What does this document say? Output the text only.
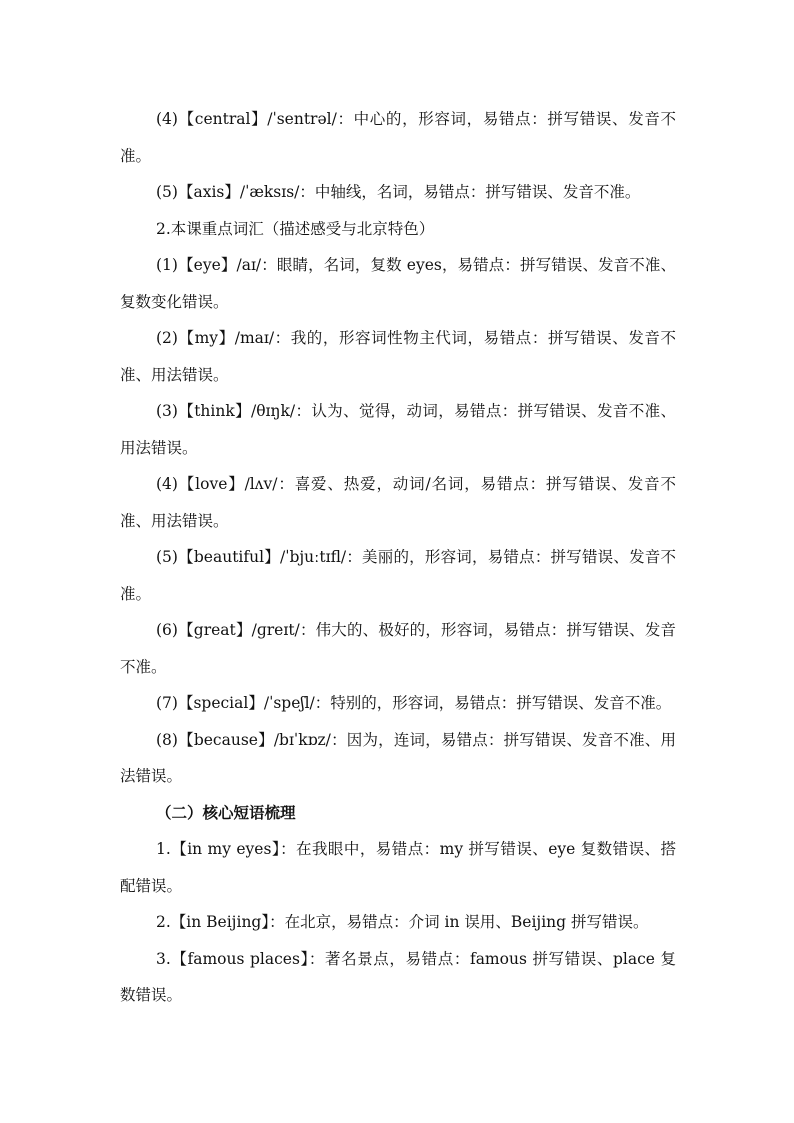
(4)【central】/ˈsentrəl/：中心的，形容词，易错点：拼写错误、发音不准。

(5)【axis】/ˈæksɪs/：中轴线，名词，易错点：拼写错误、发音不准。

2.本课重点词汇（描述感受与北京特色）

(1)【eye】/aɪ/：眼睛，名词，复数 eyes，易错点：拼写错误、发音不准、复数变化错误。

(2)【my】/maɪ/：我的，形容词性物主代词，易错点：拼写错误、发音不准、用法错误。

(3)【think】/θɪŋk/：认为、觉得，动词，易错点：拼写错误、发音不准、用法错误。

(4)【love】/lʌv/：喜爱、热爱，动词/名词，易错点：拼写错误、发音不准、用法错误。

(5)【beautiful】/ˈbjuːtɪfl/：美丽的，形容词，易错点：拼写错误、发音不准。

(6)【great】/ɡreɪt/：伟大的、极好的，形容词，易错点：拼写错误、发音不准。

(7)【special】/ˈspeʃl/：特别的，形容词，易错点：拼写错误、发音不准。

(8)【because】/bɪˈkɒz/：因为，连词，易错点：拼写错误、发音不准、用法错误。

（二）核心短语梳理

1.【in my eyes】：在我眼中，易错点：my 拼写错误、eye 复数错误、搭配错误。

2.【in Beijing】：在北京，易错点：介词 in 误用、Beijing 拼写错误。

3.【famous places】：著名景点，易错点：famous 拼写错误、place 复数错误。
